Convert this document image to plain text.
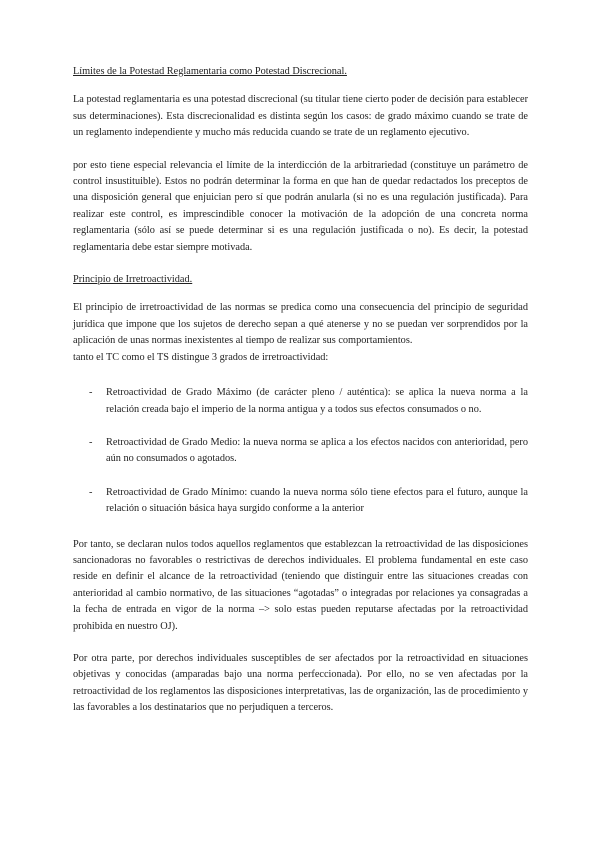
Límites de la Potestad Reglamentaria como Potestad Discrecional.

La potestad reglamentaria es una potestad discrecional (su titular tiene cierto poder de decisión para establecer sus determinaciones). Esta discrecionalidad es distinta según los casos: de grado máximo cuando se trate de un reglamento independiente y mucho más reducida cuando se trate de un reglamento ejecutivo.

por esto tiene especial relevancia el límite de la interdicción de la arbitrariedad (constituye un parámetro de control insustituible). Estos no podrán determinar la forma en que han de quedar redactados los preceptos de una disposición general que enjuician pero sí que podrán anularla (si no es una regulación justificada). Para realizar este control, es imprescindible conocer la motivación de la adopción de una concreta norma reglamentaria (sólo así se puede determinar si es una regulación justificada o no). Es decir, la potestad reglamentaria debe estar siempre motivada.

Principio de Irretroactividad.

El principio de irretroactividad de las normas se predica como una consecuencia del principio de seguridad jurídica que impone que los sujetos de derecho sepan a qué atenerse y no se puedan ver sorprendidos por la aplicación de unas normas inexistentes al tiempo de realizar sus comportamientos.
tanto el TC como el TS distingue 3 grados de irretroactividad:

- Retroactividad de Grado Máximo (de carácter pleno / auténtica): se aplica la nueva norma a la relación creada bajo el imperio de la norma antigua y a todos sus efectos consumados o no.
- Retroactividad de Grado Medio: la nueva norma se aplica a los efectos nacidos con anterioridad, pero aún no consumados o agotados.
- Retroactividad de Grado Mínimo: cuando la nueva norma sólo tiene efectos para el futuro, aunque la relación o situación básica haya surgido conforme a la anterior

Por tanto, se declaran nulos todos aquellos reglamentos que establezcan la retroactividad de las disposiciones sancionadoras no favorables o restrictivas de derechos individuales. El problema fundamental en este caso reside en definir el alcance de la retroactividad (teniendo que distinguir entre las situaciones creadas con anterioridad al cambio normativo, de las situaciones “agotadas” o integradas por relaciones ya consagradas a la fecha de entrada en vigor de la norma –> solo estas pueden reputarse afectadas por la retroactividad prohibida en nuestro OJ).

Por otra parte, por derechos individuales susceptibles de ser afectados por la retroactividad en situaciones objetivas y conocidas (amparadas bajo una norma perfeccionada). Por ello, no se ven afectadas por la retroactividad de los reglamentos las disposiciones interpretativas, las de organización, las de procedimiento y las favorables a los destinatarios que no perjudiquen a terceros.
